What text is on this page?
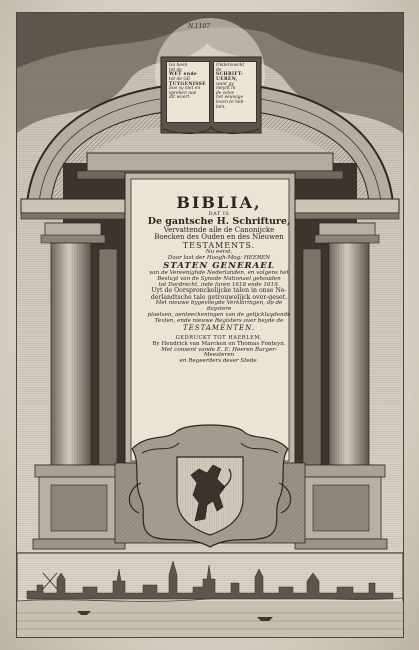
N.1107
Ga heen
tot de
WET ende
tot de GE-
TUYGENISSE
Soo sy niet en
spreken nae
dit woort.
Ondersoeckt
de
SCHRIFT-
UEREN,
want gy
meynt in
de selve
het eeuwige
leven te heb-
ben.
BIBLIA,
DAT IS
De gantsche H. Schrifture,
Vervattende alle de Canonijcke
Boecken des Ouden en des Nieuwen
TESTAMENTS.
Nu eerst,
Door last der Hoogh-Mog: HEEREN
STATEN GENERAEL
van de Vereenighde Nederlanden, en volgens het
Besluyt van de Synode Nationael gehouden
tot Dordrecht, inde Iaren 1618 ende 1619.
Uyt de Oorspronckelijcke talen in onse Ne-
derlandtsche tale getrouwelijck over-geset.
Met nieuwe bygevoegde Verklaringen, op de duystere
plaetsen, aenteeckeningen van de gelijckluydende
Texten, ende nieuwe Registers over beyde de
TESTAMENTEN.
GEDRUCKT TOT HAERLEM,
By Hendrick van Marcken en Thomas Fonteyn.
Met consent vande E. E. Heeren Burger-Meesteren
en Regeerders deser Stede.
